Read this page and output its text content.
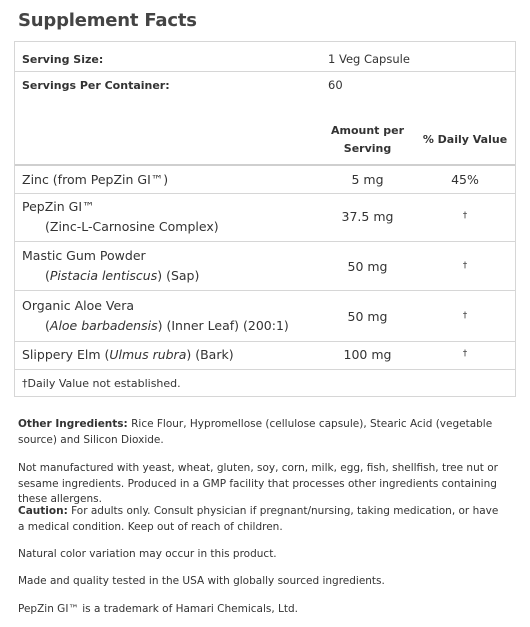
Supplement Facts
Serving Size:	1 Veg Capsule
Servings Per Container:	60
Amount per
Serving
% Daily Value
Zinc (from PepZin GI™)	5 mg	45%
PepZin GI™
(Zinc-L-Carnosine Complex)
37.5 mg	†
Mastic Gum Powder
(Pistacia lentiscus) (Sap)
50 mg	†
Organic Aloe Vera
(Aloe barbadensis) (Inner Leaf) (200:1)
50 mg	†
Slippery Elm (Ulmus rubra) (Bark)	100 mg	†
†Daily Value not established.
Other Ingredients: Rice Flour, Hypromellose (cellulose capsule), Stearic Acid (vegetable source) and Silicon Dioxide.
Not manufactured with yeast, wheat, gluten, soy, corn, milk, egg, fish, shellfish, tree nut or sesame ingredients. Produced in a GMP facility that processes other ingredients containing these allergens.
Caution: For adults only. Consult physician if pregnant/nursing, taking medication, or have a medical condition. Keep out of reach of children.
Natural color variation may occur in this product.
Made and quality tested in the USA with globally sourced ingredients.
PepZin GI™ is a trademark of Hamari Chemicals, Ltd.
